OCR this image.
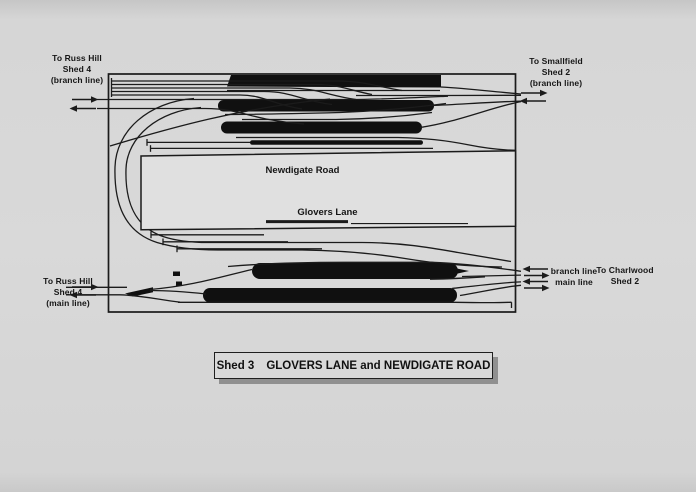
To Russ Hill
Shed 4
(branch line)
To Smallfield
Shed 2
(branch line)
To Russ Hill
Shed 4
(main line)
branch line
main line
To Charlwood
Shed 2
Newdigate Road
Glovers Lane
Shed 3 GLOVERS LANE and NEWDIGATE ROAD
